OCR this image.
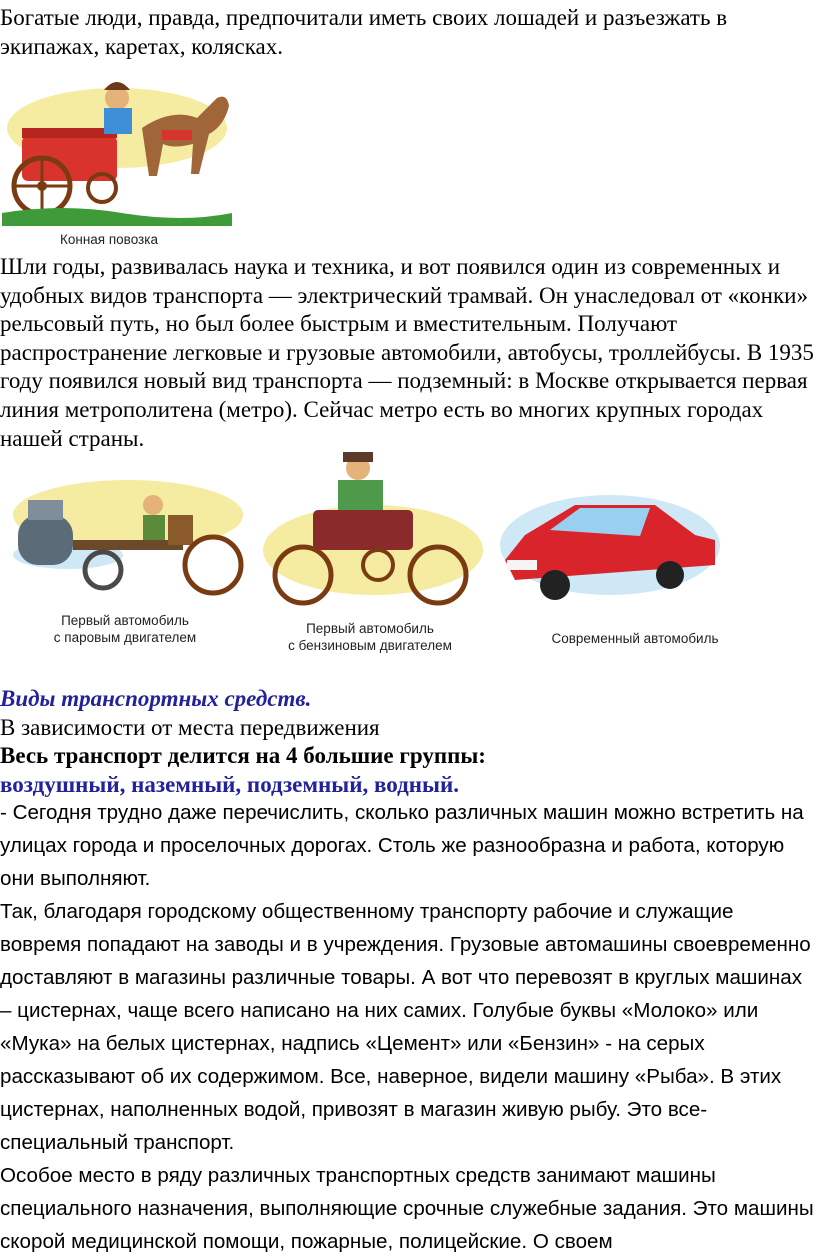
Богатые люди, правда, предпочитали иметь своих лошадей и разъезжать в экипажах, каретах, колясках.

Конная повозка

Шли годы, развивалась наука и техника, и вот появился один из современных и удобных видов транспорта — электрический трамвай. Он унаследовал от «конки» рельсовый путь, но был более быстрым и вместительным. Получают распространение легковые и грузовые автомобили, автобусы, троллейбусы. В 1935 году появился новый вид транспорта — подземный: в Москве открывается первая линия метрополитена (метро). Сейчас метро есть во многих крупных городах нашей страны.

Первый автомобиль
с паровым двигателем
Первый автомобиль
с бензиновым двигателем	Современный автомобиль

Виды транспортных средств.

В зависимости от места передвижения

Весь транспорт делится на 4 большие группы:

воздушный, наземный, подземный, водный.

- Сегодня трудно даже перечислить, сколько различных машин можно встретить на улицах города и проселочных дорогах. Столь же разнообразна и работа, которую они выполняют.

Так, благодаря городскому общественному транспорту рабочие и служащие вовремя попадают на заводы и в учреждения. Грузовые автомашины своевременно доставляют в магазины различные товары. А вот что перевозят в круглых машинах – цистернах, чаще всего написано на них самих. Голубые буквы «Молоко» или «Мука» на белых цистернах, надпись «Цемент» или «Бензин» - на серых рассказывают об их содержимом. Все, наверное, видели машину «Рыба». В этих цистернах, наполненных водой, привозят в магазин живую рыбу. Это все-специальный транспорт.

Особое место в ряду различных транспортных средств занимают машины специального назначения, выполняющие срочные служебные задания. Это машины скорой медицинской помощи, пожарные, полицейские. О своем
